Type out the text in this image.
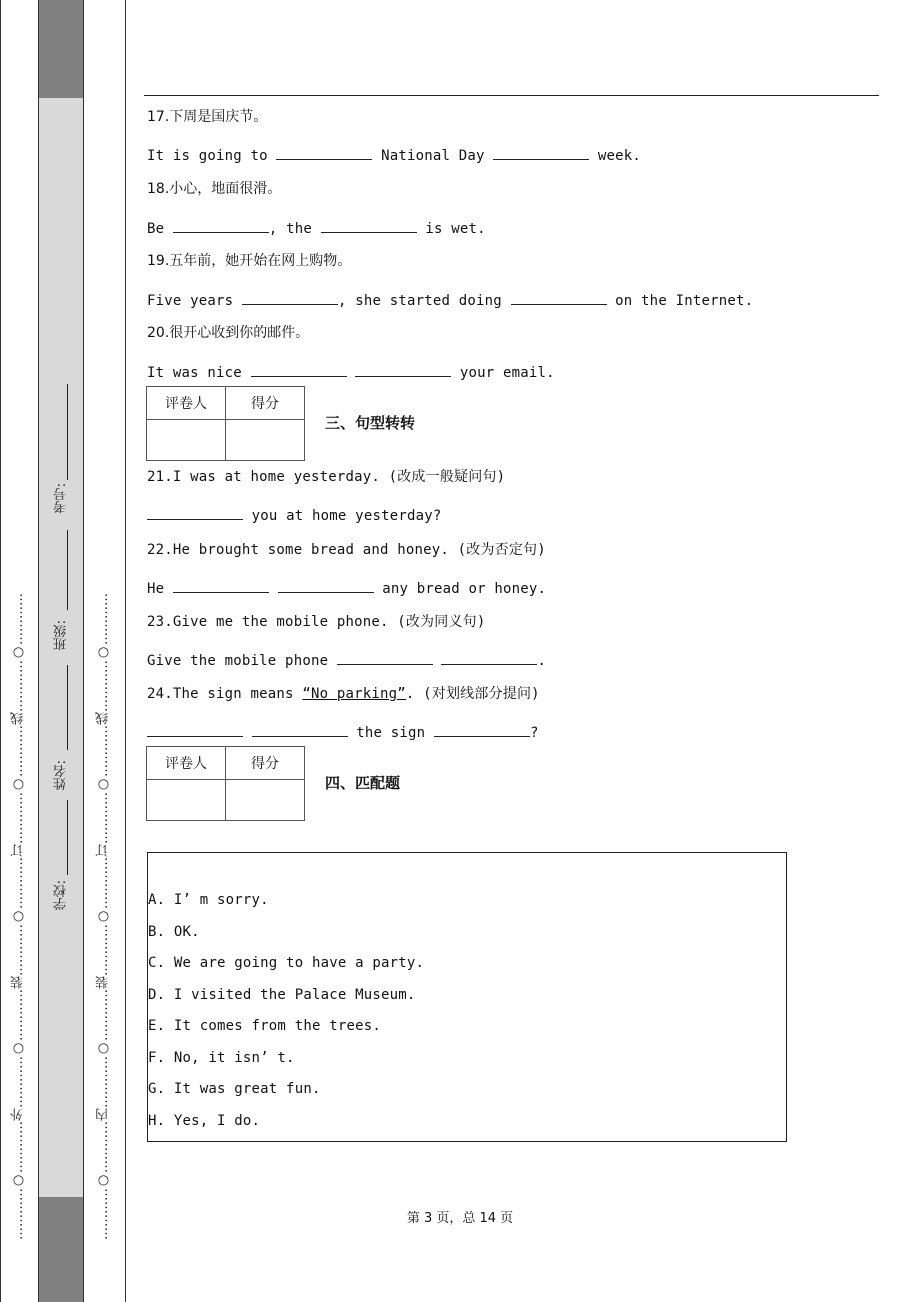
…………○…………外…………○…………装…………○…………订…………○…………线…………○…………	…………○…………内…………○…………装…………○…………订…………○…………线…………○…………
学校:
姓名:
班级:
考号:
17.下周是国庆节。
It is going to	National Day	week.
18.小心，地面很滑。
Be	, the	is wet.
19.五年前，她开始在网上购物。
Five years	, she started doing	on the Internet.
20.很开心收到你的邮件。
It was nice	your email.
评卷人	得分

三、句型转转
21.I was at home yesterday. (改成一般疑问句)
you at home yesterday?
22.He brought some bread and honey. (改为否定句)
He	any bread or honey.
23.Give me the mobile phone. (改为同义句)
Give the mobile phone	.
24.The sign means “No parking”. (对划线部分提问)
the sign	?
评卷人	得分

四、匹配题
A. I’ m sorry.
B. OK.
C. We are going to have a party.
D. I visited the Palace Museum.
E. It comes from the trees.
F. No, it isn’ t.
G. It was great fun.
H. Yes, I do.
第 3 页，总 14 页
